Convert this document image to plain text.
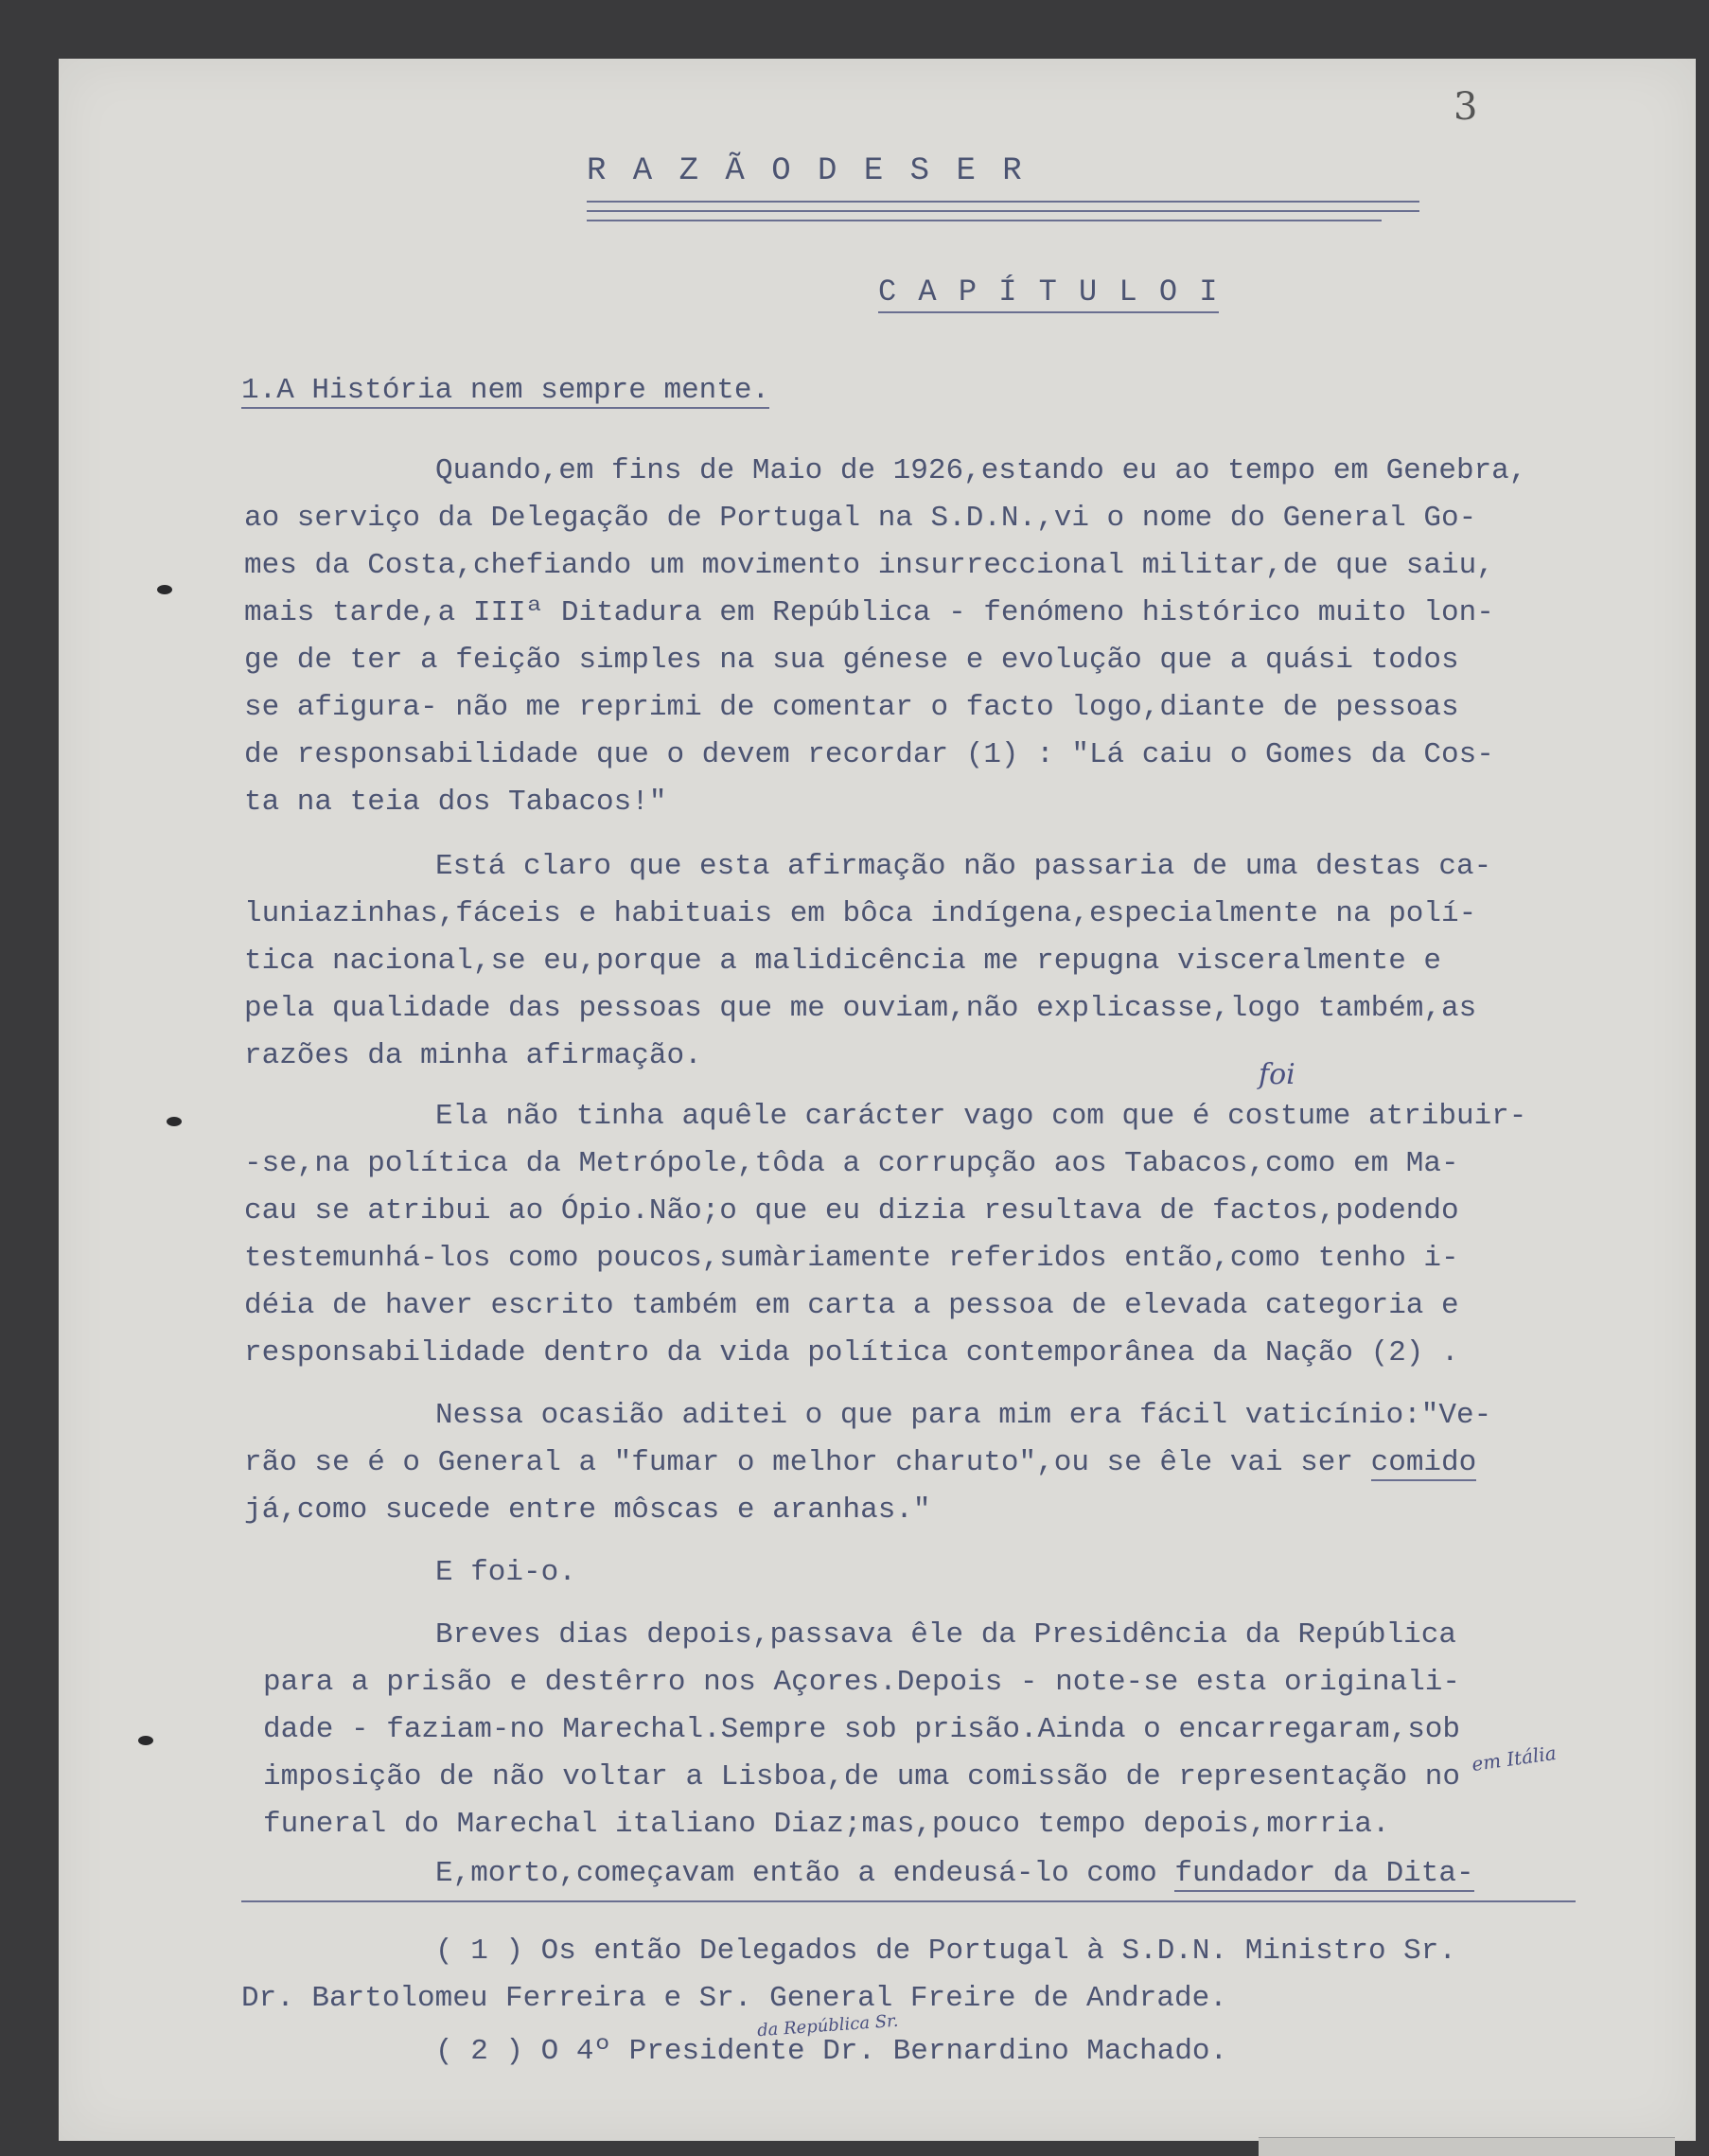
3
R A Z Ã O D E S E R
C A P Í T U L O I
1.A História nem sempre mente.
Quando,em fins de Maio de 1926,estando eu ao tempo em Genebra,
ao serviço da Delegação de Portugal na S.D.N.,vi o nome do General Go-
mes da Costa,chefiando um movimento insurreccional militar,de que saiu,
mais tarde,a IIIª Ditadura em República - fenómeno histórico muito lon-
ge de ter a feição simples na sua génese e evolução que a quási todos
se afigura- não me reprimi de comentar o facto logo,diante de pessoas
de responsabilidade que o devem recordar (1) : "Lá caiu o Gomes da Cos-
ta na teia dos Tabacos!"
Está claro que esta afirmação não passaria de uma destas ca-
luniazinhas,fáceis e habituais em bôca indígena,especialmente na polí-
tica nacional,se eu,porque a malidicência me repugna visceralmente e
pela qualidade das pessoas que me ouviam,não explicasse,logo também,as
razões da minha afirmação.
foi
Ela não tinha aquêle carácter vago com que é costume atribuir-
-se,na política da Metrópole,tôda a corrupção aos Tabacos,como em Ma-
cau se atribui ao Ópio.Não;o que eu dizia resultava de factos,podendo
testemunhá-los como poucos,sumàriamente referidos então,como tenho i-
déia de haver escrito também em carta a pessoa de elevada categoria e
responsabilidade dentro da vida política contemporânea da Nação (2) .
Nessa ocasião aditei o que para mim era fácil vaticínio:"Ve-
rão se é o General a "fumar o melhor charuto",ou se êle vai ser comido
já,como sucede entre môscas e aranhas."
E foi-o.
Breves dias depois,passava êle da Presidência da República
para a prisão e destêrro nos Açores.Depois - note-se esta originali-
dade - faziam-no Marechal.Sempre sob prisão.Ainda o encarregaram,sob
em Itália
imposição de não voltar a Lisboa,de uma comissão de representação no
funeral do Marechal italiano Diaz;mas,pouco tempo depois,morria.
E,morto,começavam então a endeusá-lo como fundador da Dita-
( 1 ) Os então Delegados de Portugal à S.D.N. Ministro Sr.
Dr. Bartolomeu Ferreira e Sr. General Freire de Andrade.
da República Sr.
( 2 ) O 4º Presidente Dr. Bernardino Machado.
